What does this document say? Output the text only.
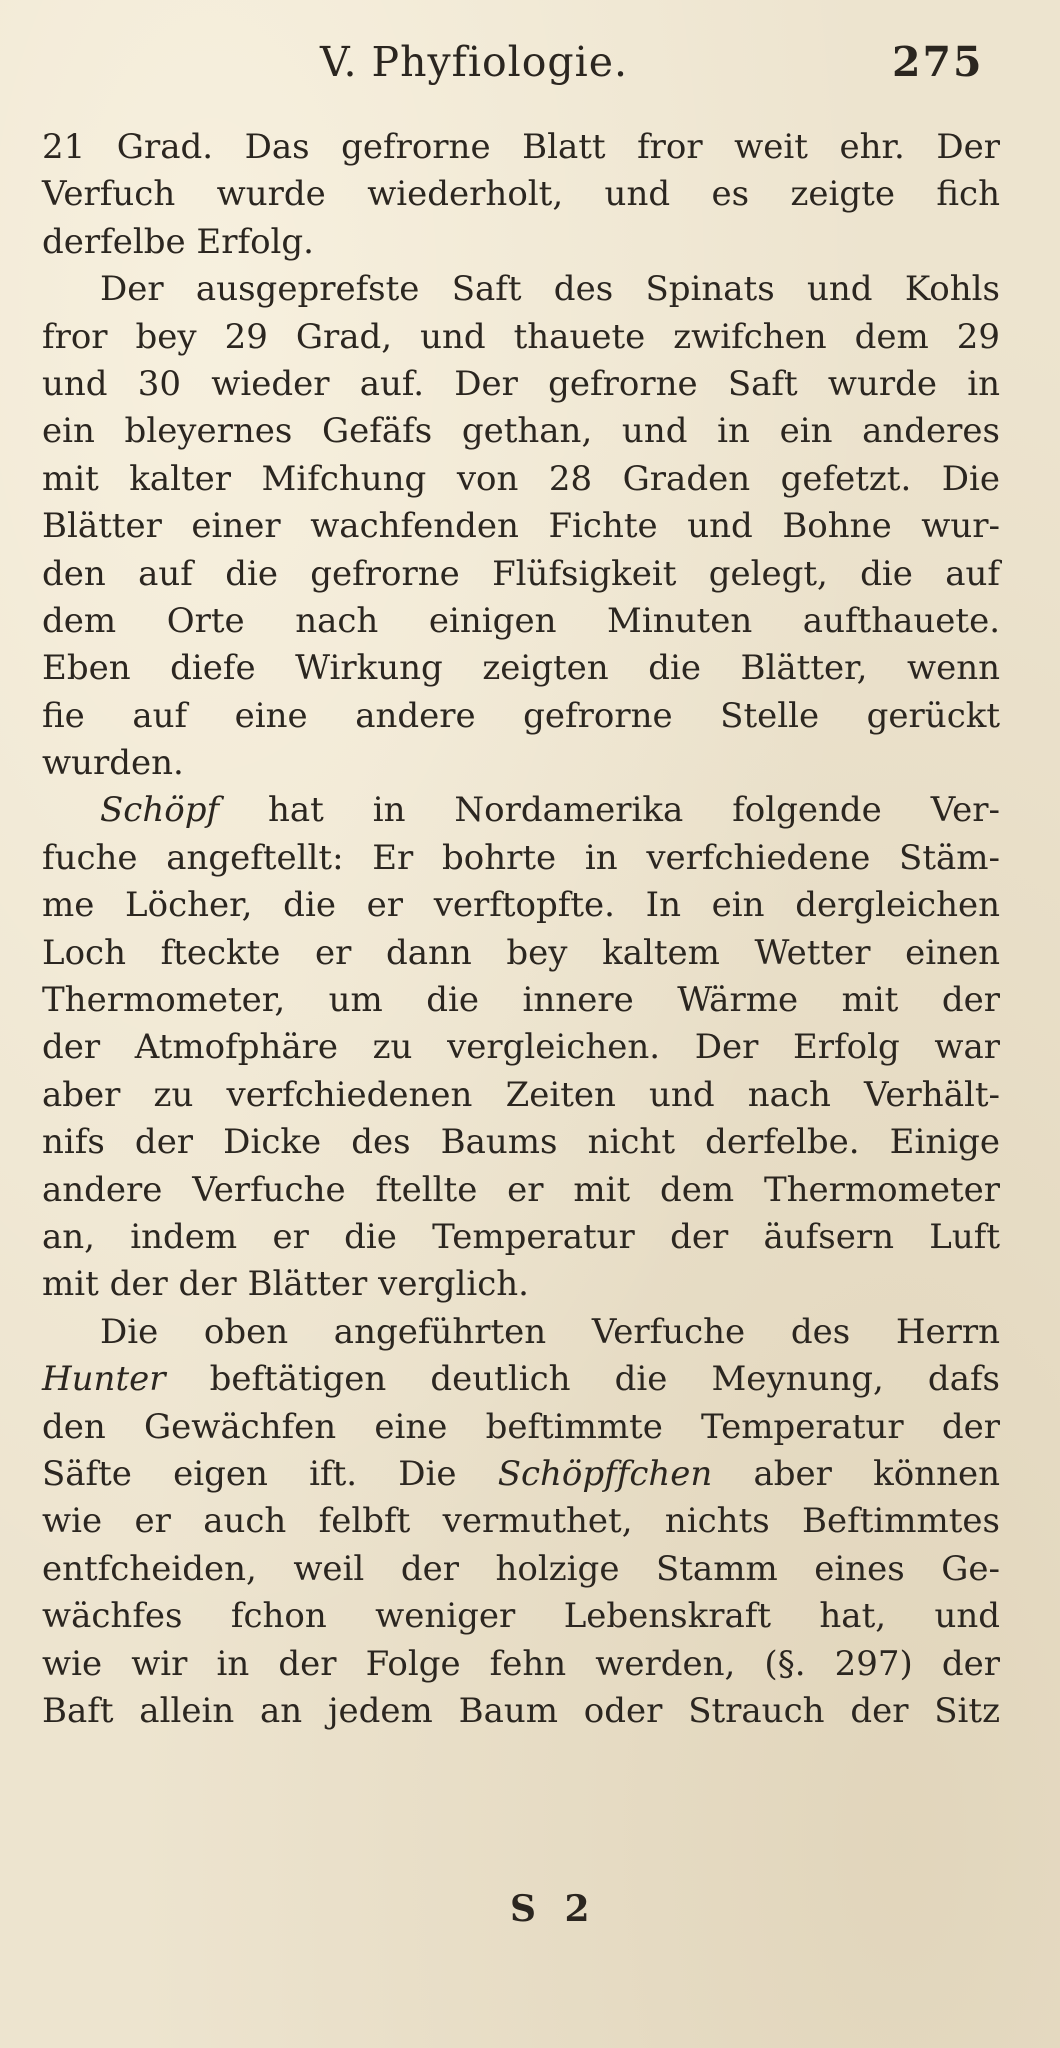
V. Phyfiologie.	275
21 Grad. Das gefrorne Blatt fror weit ehr. Der
Verfuch wurde wiederholt, und es zeigte fich
derfelbe Erfolg.
Der ausgeprefste Saft des Spinats und Kohls
fror bey 29 Grad, und thauete zwifchen dem 29
und 30 wieder auf. Der gefrorne Saft wurde in
ein bleyernes Gefäfs gethan, und in ein anderes
mit kalter Mifchung von 28 Graden gefetzt. Die
Blätter einer wachfenden Fichte und Bohne wur-
den auf die gefrorne Flüfsigkeit gelegt, die auf
dem Orte nach einigen Minuten aufthauete.
Eben diefe Wirkung zeigten die Blätter, wenn
fie auf eine andere gefrorne Stelle gerückt
wurden.
Schöpf hat in Nordamerika folgende Ver-
fuche angeftellt: Er bohrte in verfchiedene Stäm-
me Löcher, die er verftopfte. In ein dergleichen
Loch fteckte er dann bey kaltem Wetter einen
Thermometer, um die innere Wärme mit der
der Atmofphäre zu vergleichen. Der Erfolg war
aber zu verfchiedenen Zeiten und nach Verhält-
nifs der Dicke des Baums nicht derfelbe. Einige
andere Verfuche ftellte er mit dem Thermometer
an, indem er die Temperatur der äufsern Luft
mit der der Blätter verglich.
Die oben angeführten Verfuche des Herrn
Hunter beftätigen deutlich die Meynung, dafs
den Gewächfen eine beftimmte Temperatur der
Säfte eigen ift. Die Schöpffchen aber können
wie er auch felbft vermuthet, nichts Beftimmtes
entfcheiden, weil der holzige Stamm eines Ge-
wächfes fchon weniger Lebenskraft hat, und
wie wir in der Folge fehn werden, (§. 297) der
Baft allein an jedem Baum oder Strauch der Sitz
S 2
